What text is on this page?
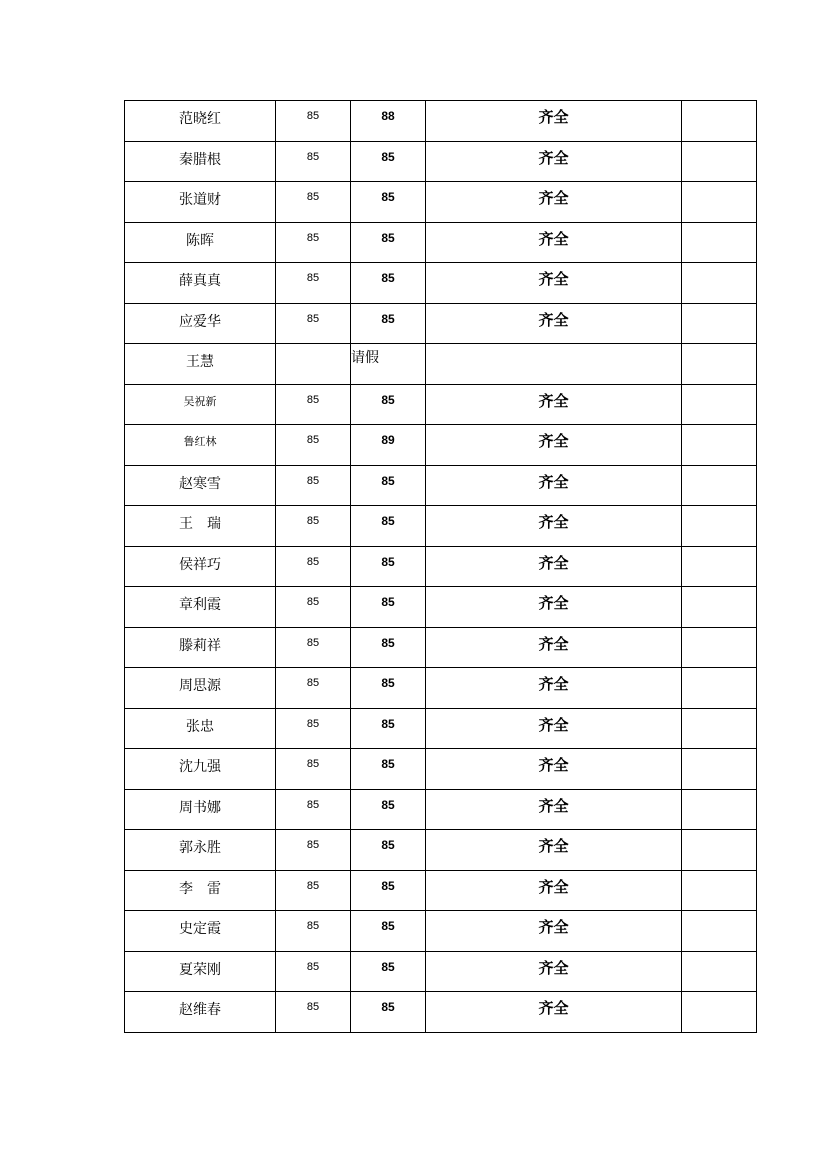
范晓红	85	88	齐全	
秦腊根	85	85	齐全	
张道财	85	85	齐全	
陈晖	85	85	齐全	
薛真真	85	85	齐全	
应爱华	85	85	齐全	
王慧		请假		
吴祝新	85	85	齐全	
鲁红林	85	89	齐全	
赵寒雪	85	85	齐全	
王　瑞	85	85	齐全	
侯祥巧	85	85	齐全	
章利霞	85	85	齐全	
滕莉祥	85	85	齐全	
周思源	85	85	齐全	
张忠	85	85	齐全	
沈九强	85	85	齐全	
周书娜	85	85	齐全	
郭永胜	85	85	齐全	
李　雷	85	85	齐全	
史定霞	85	85	齐全	
夏荣刚	85	85	齐全	
赵维春	85	85	齐全	
